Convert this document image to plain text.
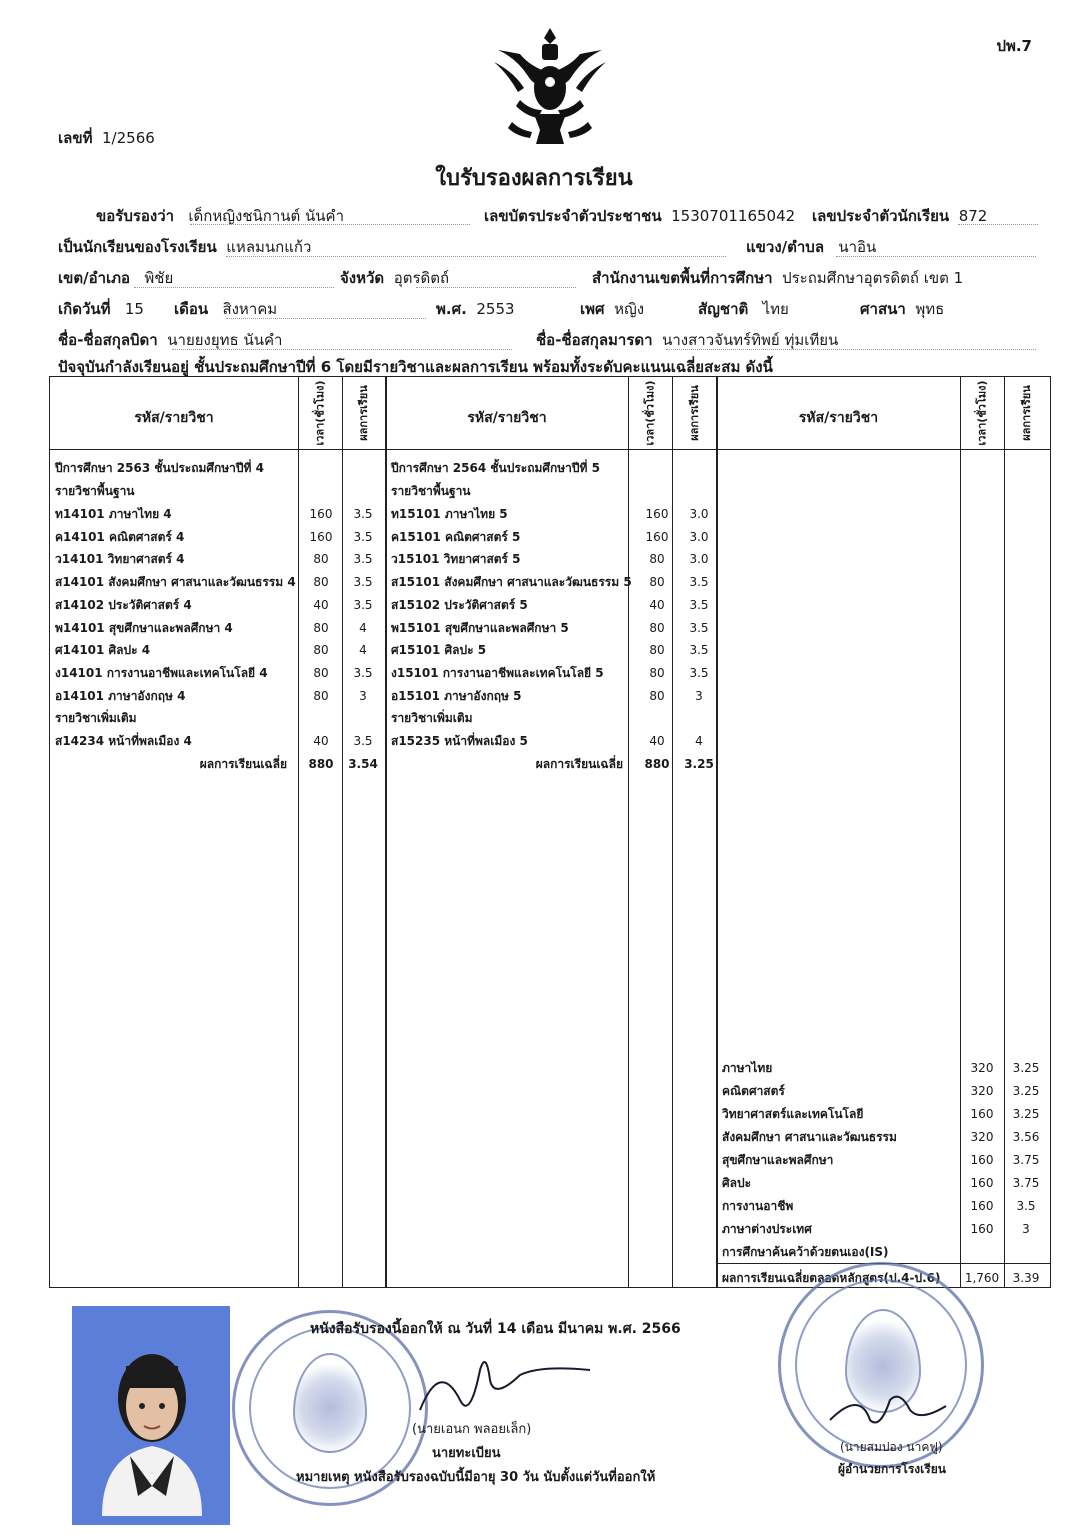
ปพ.7
เลขที่ 1/2566
ใบรับรองผลการเรียน
ขอรับรองว่า เด็กหญิงชนิกานต์ นันคำ	เลขบัตรประจำตัวประชาชน 1530701165042 เลขประจำตัวนักเรียน 872
เป็นนักเรียนของโรงเรียน แหลมนกแก้ว	แขวง/ตำบล นาอิน
เขต/อำเภอ พิชัย	จังหวัด อุตรดิตถ์	สำนักงานเขตพื้นที่การศึกษา ประถมศึกษาอุตรดิตถ์ เขต 1
เกิดวันที่ 15 เดือน สิงหาคม	พ.ศ. 2553	เพศ หญิง	สัญชาติ ไทย	ศาสนา พุทธ
ชื่อ-ชื่อสกุลบิดา นายยงยุทธ นันคำ	ชื่อ-ชื่อสกุลมารดา นางสาวจันทร์ทิพย์ ทุ่มเทียน
ปัจจุบันกำลังเรียนอยู่ ชั้นประถมศึกษาปีที่ 6 โดยมีรายวิชาและผลการเรียน พร้อมทั้งระดับคะแนนเฉลี่ยสะสม ดังนี้
รหัส/รายวิชา	เวลา(ชั่วโมง)	ผลการเรียน	รหัส/รายวิชา	เวลา(ชั่วโมง)	ผลการเรียน	รหัส/รายวิชา	เวลา(ชั่วโมง)	ผลการเรียน
ปีการศึกษา 2563 ชั้นประถมศึกษาปีที่ 4
รายวิชาพื้นฐาน
ท14101 ภาษาไทย 4	160	3.5
ค14101 คณิตศาสตร์ 4	160	3.5
ว14101 วิทยาศาสตร์ 4	80	3.5
ส14101 สังคมศึกษา ศาสนาและวัฒนธรรม 4	80	3.5
ส14102 ประวัติศาสตร์ 4	40	3.5
พ14101 สุขศึกษาและพลศึกษา 4	80	4
ศ14101 ศิลปะ 4	80	4
ง14101 การงานอาชีพและเทคโนโลยี 4	80	3.5
อ14101 ภาษาอังกฤษ 4	80	3
รายวิชาเพิ่มเติม
ส14234 หน้าที่พลเมือง 4	40	3.5
ผลการเรียนเฉลี่ย	880	3.54
ปีการศึกษา 2564 ชั้นประถมศึกษาปีที่ 5
รายวิชาพื้นฐาน
ท15101 ภาษาไทย 5	160	3.0
ค15101 คณิตศาสตร์ 5	160	3.0
ว15101 วิทยาศาสตร์ 5	80	3.0
ส15101 สังคมศึกษา ศาสนาและวัฒนธรรม 5	80	3.5
ส15102 ประวัติศาสตร์ 5	40	3.5
พ15101 สุขศึกษาและพลศึกษา 5	80	3.5
ศ15101 ศิลปะ 5	80	3.5
ง15101 การงานอาชีพและเทคโนโลยี 5	80	3.5
อ15101 ภาษาอังกฤษ 5	80	3
รายวิชาเพิ่มเติม
ส15235 หน้าที่พลเมือง 5	40	4
ผลการเรียนเฉลี่ย	880	3.25
ภาษาไทย	320	3.25
คณิตศาสตร์	320	3.25
วิทยาศาสตร์และเทคโนโลยี	160	3.25
สังคมศึกษา ศาสนาและวัฒนธรรม	320	3.56
สุขศึกษาและพลศึกษา	160	3.75
ศิลปะ	160	3.75
การงานอาชีพ	160	3.5
ภาษาต่างประเทศ	160	3
การศึกษาค้นคว้าด้วยตนเอง(IS)
ผลการเรียนเฉลี่ยตลอดหลักสูตร(ป.4-ป.6) 1,760	3.39
หนังสือรับรองนี้ออกให้ ณ วันที่ 14 เดือน มีนาคม พ.ศ. 2566
(นายเอนก พลอยเล็ก)
นายทะเบียน
หมายเหตุ หนังสือรับรองฉบับนี้มีอายุ 30 วัน นับตั้งแต่วันที่ออกให้
(นายสมปอง นาคฟู)
ผู้อำนวยการโรงเรียน
